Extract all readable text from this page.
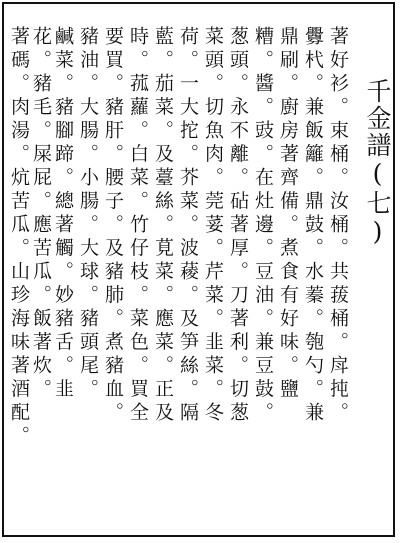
千金譜(七)
著好衫。束桶。汝桶。共菝桶。戽扽。
釁杙。兼飯籬。鼎鼓。水蓁。匏勺。兼
鼎刷。廚房著齊備。煮食有好味。鹽
糟。醬。豉。在灶邊。豆油。兼豆鼓。
葱頭。永不離。砧著厚。刀著利。切葱
菜頭。切魚肉。莞荽。芹菜。韭菜。冬
荷。一大拕。芥菜。波薐。及笋絲。隔
藍。茄菜。及薹絲。莧菜。應菜。正及
時。菰蘿。白菜。竹仔枝。菜色。買全
要買。豬肝。腰子。及豬肺。煮豬血。
豬油。大腸。小腸。大球。豬頭尾。
鹹菜。豬腳蹄。總著觸。妙豬舌。韭
花。豬毛。屎屁。應苦瓜。飯著炊。
著碼。肉湯。炕苦瓜。山珍海味著酒配。
